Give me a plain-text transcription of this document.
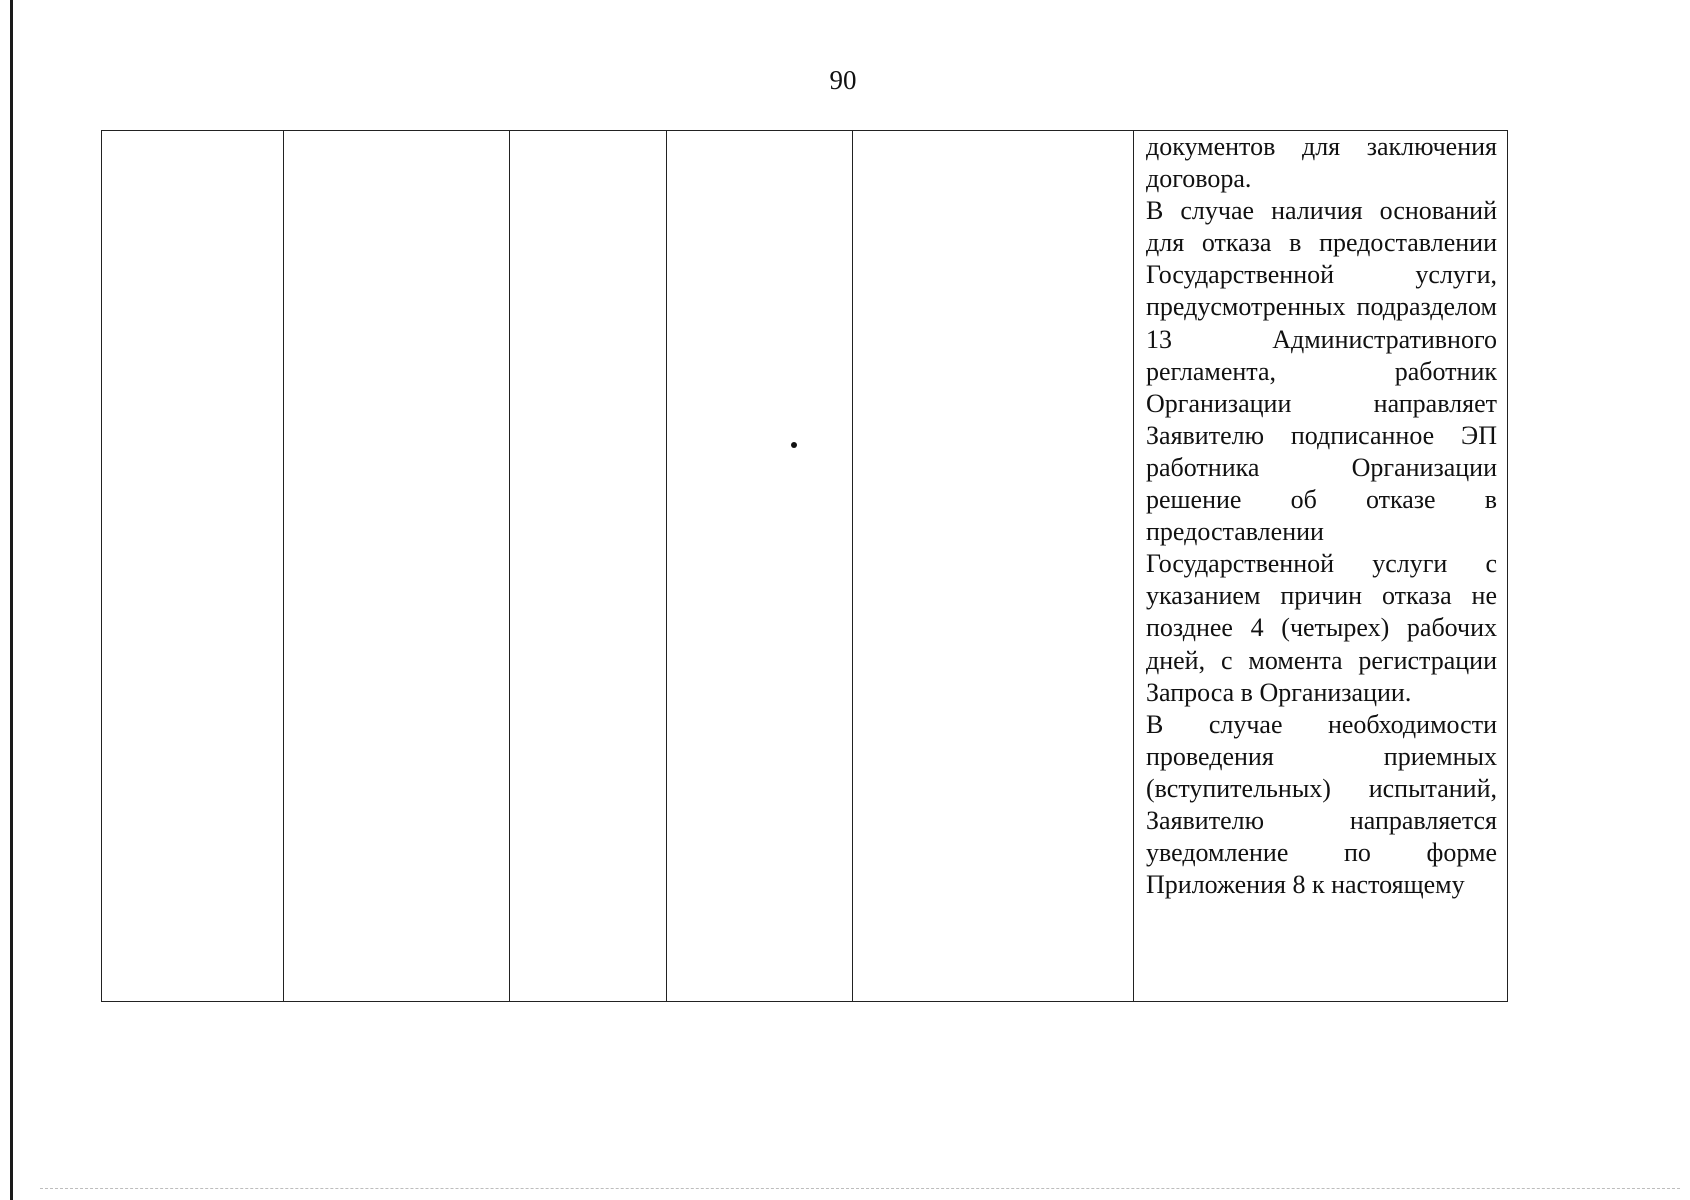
90

документов для заключения договора.

В случае наличия оснований для отказа в предоставлении Государственной услуги, предусмотренных подразделом 13 Административного регламента, работник Организации направляет Заявителю подписанное ЭП работника Организации решение об отказе в предоставлении Государственной услуги с указанием причин отказа не позднее 4 (четырех) рабочих дней, с момента регистрации Запроса в Организации.

В случае необходимости проведения приемных (вступительных) испытаний, Заявителю направляется уведомление по форме Приложения 8 к настоящему
